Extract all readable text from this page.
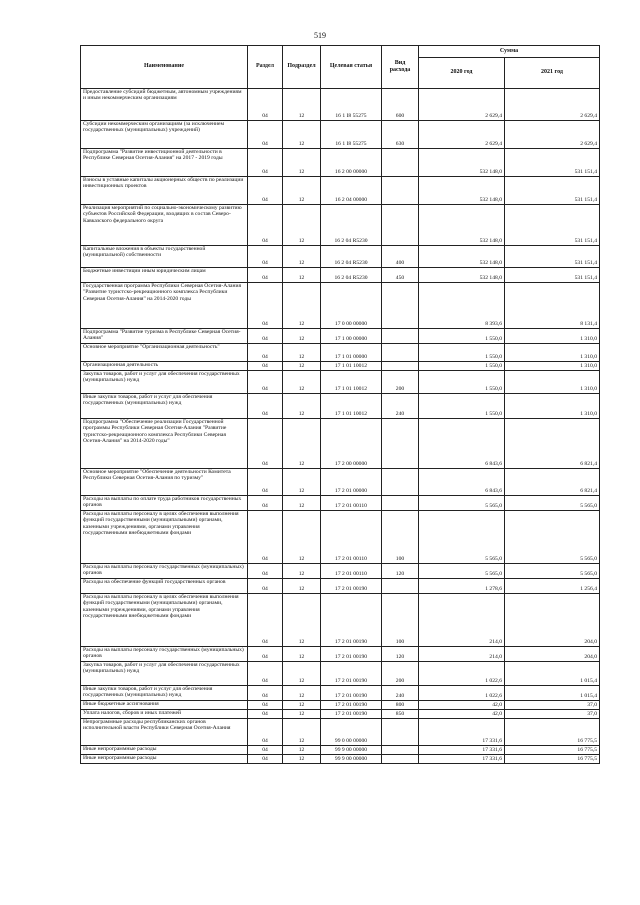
519
Наименование	Раздел	Подраздел	Целевая статья	Вид расхода	Сумма	
					2020 год	2021 год
Предоставление субсидий бюджетным, автономным учреждениям и иным некоммерческим организациям	04	12	16 1 I8 55275	600	2 629,4	2 629,4
Субсидии некоммерческим организациям (за исключением государственных (муниципальных) учреждений)	04	12	16 1 I8 55275	630	2 629,4	2 629,4
Подпрограмма "Развитие инвестиционной деятельности в Республике Северная Осетия-Алания" на 2017 - 2019 годы	04	12	16 2 00 00000		532 148,0	531 151,4
Взносы в уставные капиталы акционерных обществ по реализации инвестиционных проектов	04	12	16 2 04 00000		532 148,0	531 151,4
Реализация мероприятий по социально-экономическому развитию субъектов Российской Федерации, входящих в состав Северо-Кавказского федерального округа	04	12	16 2 04 R5230		532 148,0	531 151,4
Капитальные вложения в объекты государственной (муниципальной) собственности	04	12	16 2 04 R5230	400	532 148,0	531 151,4
Бюджетные инвестиции иным юридическим лицам	04	12	16 2 04 R5230	450	532 148,0	531 151,4
Государственная программа Республики Северная Осетия-Алания "Развитие туристско-рекреационного комплекса Республики Северная Осетия-Алания" на 2014-2020 годы	04	12	17 0 00 00000		8 393,6	8 131,4
Подпрограмма "Развитие туризма в Республике Северная Осетия-Алания"	04	12	17 1 00 00000		1 550,0	1 310,0
Основное мероприятие "Организационная деятельность"	04	12	17 1 01 00000		1 550,0	1 310,0
Организационная деятельность	04	12	17 1 01 10012		1 550,0	1 310,0
Закупка товаров, работ и услуг для обеспечения государственных (муниципальных) нужд	04	12	17 1 01 10012	200	1 550,0	1 310,0
Иные закупки товаров, работ и услуг для обеспечения государственных (муниципальных) нужд	04	12	17 1 01 10012	240	1 550,0	1 310,0
Подпрограмма "Обеспечение реализации Государственной программы Республики Северная Осетия-Алания "Развитие туристско-рекреационного комплекса Республики Северная Осетия-Алания" на 2014-2020 годы"	04	12	17 2 00 00000		6 843,6	6 821,4
Основное мероприятие "Обеспечение деятельности Комитета Республики Северная Осетия-Алания по туризму"	04	12	17 2 01 00000		6 843,6	6 821,4
Расходы на выплаты по оплате труда работников государственных органов	04	12	17 2 01 00110		5 565,0	5 565,0
Расходы на выплаты персоналу в целях обеспечения выполнения функций государственными (муниципальными) органами, казенными учреждениями, органами управления государственными внебюджетными фондами	04	12	17 2 01 00110	100	5 565,0	5 565,0
Расходы на выплаты персоналу государственных (муниципальных) органов	04	12	17 2 01 00110	120	5 565,0	5 565,0
Расходы на обеспечение функций государственных органов	04	12	17 2 01 00190		1 278,6	1 256,4
Расходы на выплаты персоналу в целях обеспечения выполнения функций государственными (муниципальными) органами, казенными учреждениями, органами управления государственными внебюджетными фондами	04	12	17 2 01 00190	100	214,0	204,0
Расходы на выплаты персоналу государственных (муниципальных) органов	04	12	17 2 01 00190	120	214,0	204,0
Закупка товаров, работ и услуг для обеспечения государственных (муниципальных) нужд	04	12	17 2 01 00190	200	1 022,6	1 015,4
Иные закупки товаров, работ и услуг для обеспечения государственных (муниципальных) нужд	04	12	17 2 01 00190	240	1 022,6	1 015,4
Иные бюджетные ассигнования	04	12	17 2 01 00190	800	42,0	37,0
Уплата налогов, сборов и иных платежей	04	12	17 2 01 00190	850	42,0	37,0
Непрограммные расходы республиканских органов исполнительной власти Республики Северная Осетия-Алания	04	12	99 0 00 00000		17 331,6	16 775,5
Иные непрограммные расходы	04	12	99 9 00 00000		17 331,6	16 775,5
Иные непрограммные расходы	04	12	99 9 00 00000		17 331,6	16 775,5
